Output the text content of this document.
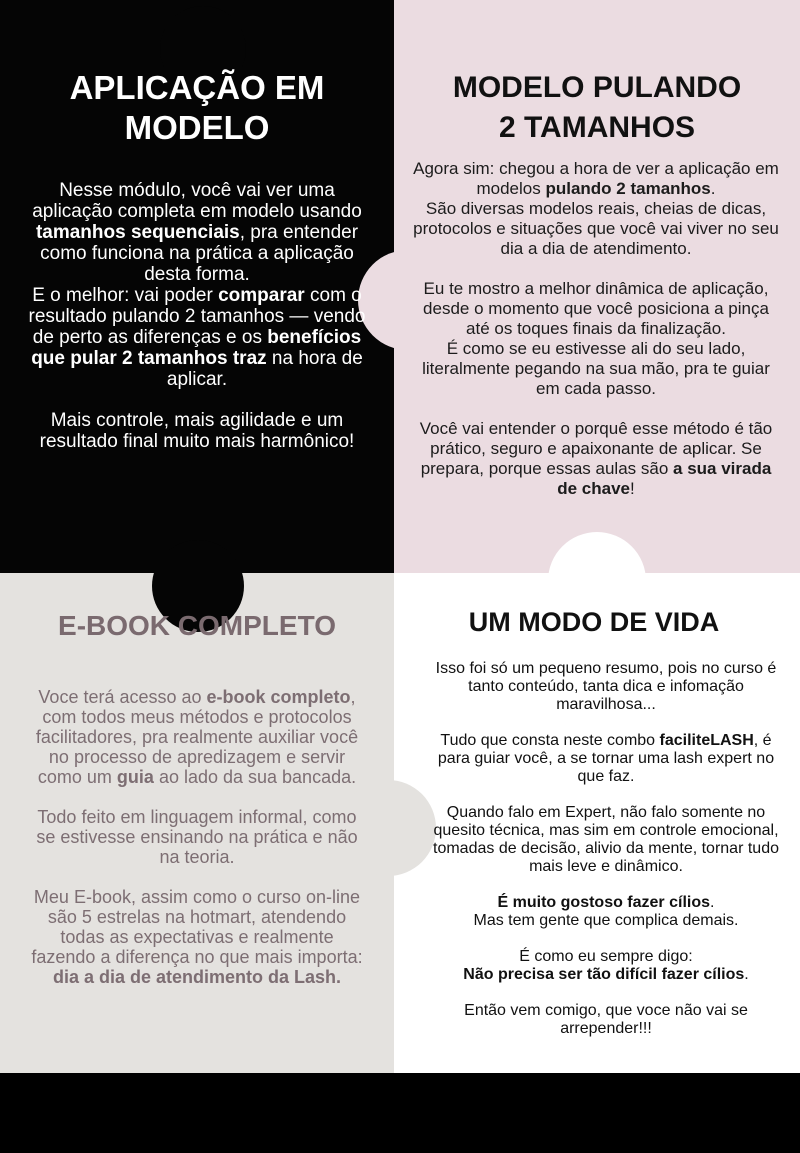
APLICAÇÃO EM
MODELO

Nesse módulo, você vai ver uma aplicação completa em modelo usando tamanhos sequenciais, pra entender como funciona na prática a aplicação desta forma.

E o melhor: vai poder comparar com o resultado pulando 2 tamanhos — vendo de perto as diferenças e os benefícios que pular 2 tamanhos traz na hora de aplicar.

Mais controle, mais agilidade e um resultado final muito mais harmônico!

MODELO PULANDO
2 TAMANHOS

Agora sim: chegou a hora de ver a aplicação em modelos pulando 2 tamanhos.

São diversas modelos reais, cheias de dicas, protocolos e situações que você vai viver no seu dia a dia de atendimento.

Eu te mostro a melhor dinâmica de aplicação, desde o momento que você posiciona a pinça até os toques finais da finalização.

É como se eu estivesse ali do seu lado, literalmente pegando na sua mão, pra te guiar em cada passo.

Você vai entender o porquê esse método é tão prático, seguro e apaixonante de aplicar. Se prepara, porque essas aulas são a sua virada de chave!

E-BOOK COMPLETO

Voce terá acesso ao e-book completo, com todos meus métodos e protocolos facilitadores, pra realmente auxiliar você no processo de apredizagem e servir como um guia ao lado da sua bancada.

Todo feito em linguagem informal, como se estivesse ensinando na prática e não na teoria.

Meu E-book, assim como o curso on-line são 5 estrelas na hotmart, atendendo todas as expectativas e realmente fazendo a diferença no que mais importa: dia a dia de atendimento da Lash.

UM MODO DE VIDA

Isso foi só um pequeno resumo, pois no curso é tanto conteúdo, tanta dica e infomação maravilhosa...

Tudo que consta neste combo faciliteLASH, é para guiar você, a se tornar uma lash expert no que faz.

Quando falo em Expert, não falo somente no quesito técnica, mas sim em controle emocional, tomadas de decisão, alivio da mente, tornar tudo mais leve e dinâmico.

É muito gostoso fazer cílios.

Mas tem gente que complica demais.

É como eu sempre digo:

Não precisa ser tão difícil fazer cílios.

Então vem comigo, que voce não vai se arrepender!!!
